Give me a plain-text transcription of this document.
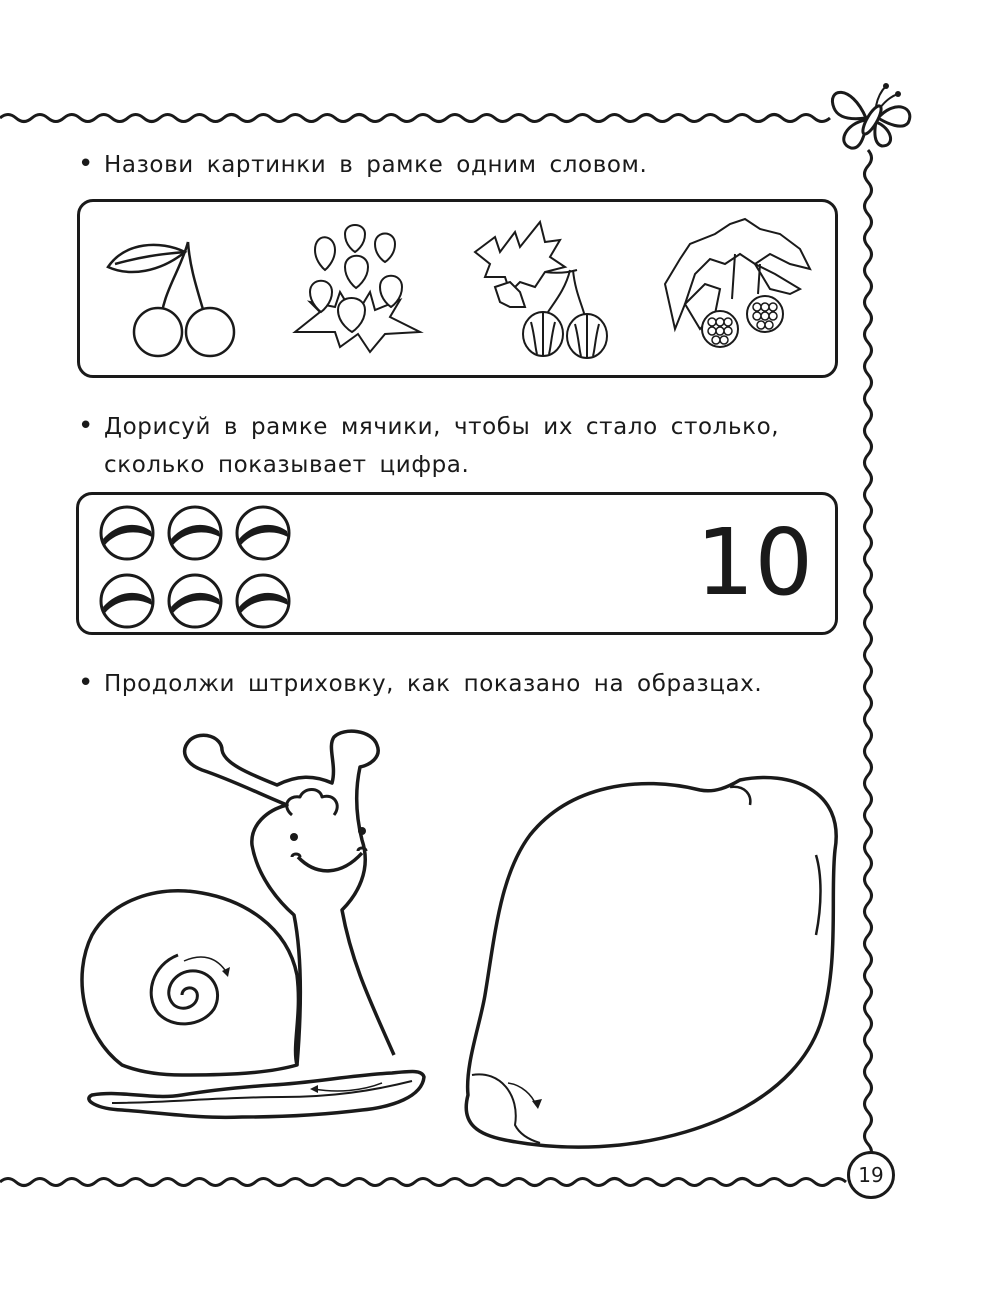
• Назови картинки в рамке одним словом.
• Дорисуй в рамке мячики, чтобы их стало столько,
сколько показывает цифра.
10
• Продолжи штриховку, как показано на образцах.
19
